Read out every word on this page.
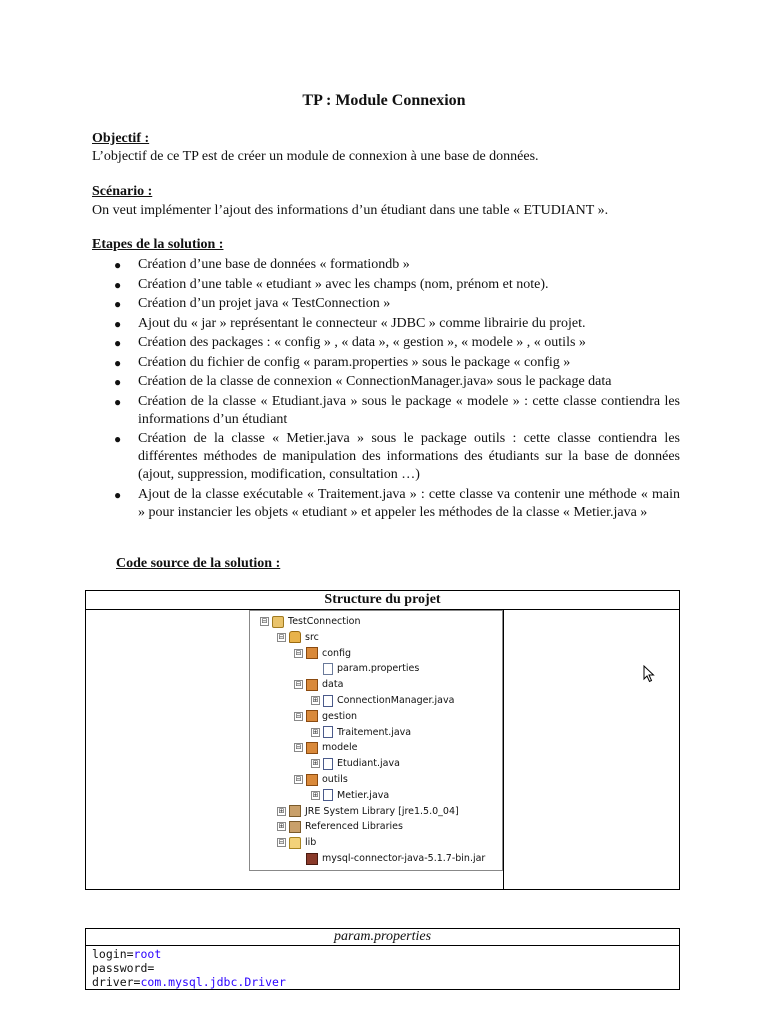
TP : Module Connexion
Objectif :
L’objectif de ce TP est de créer un module de connexion à une base de données.
Scénario :
On veut implémenter l’ajout des informations d’un étudiant dans une table « ETUDIANT ».
Etapes de la solution :
● Création d’une base de données « formationdb »
● Création d’une table « etudiant » avec les champs (nom, prénom et note).
● Création d’un projet java « TestConnection »
● Ajout du « jar » représentant le connecteur « JDBC » comme librairie du projet.
● Création des packages : « config » , « data », « gestion », « modele » , « outils »
● Création du fichier de config « param.properties » sous le package « config »
● Création de la classe de connexion « ConnectionManager.java» sous le package data
● Création de la classe « Etudiant.java » sous le package « modele » : cette classe contiendra les informations d’un étudiant
● Création de la classe « Metier.java » sous le package outils : cette classe contiendra les différentes méthodes de manipulation des informations des étudiants sur la base de données (ajout, suppression, modification, consultation …)
● Ajout de la classe exécutable « Traitement.java » : cette classe va contenir une méthode « main » pour instancier les objets « etudiant » et appeler les méthodes de la classe « Metier.java »
Code source de la solution :
Structure du projet
⊟ TestConnection
⊟ src
⊟ config
param.properties
⊟ data
⊞ ConnectionManager.java
⊟ gestion
⊞ Traitement.java
⊟ modele
⊞ Etudiant.java
⊟ outils
⊞ Metier.java
⊞ JRE System Library [jre1.5.0_04]
⊞ Referenced Libraries
⊟ lib
mysql-connector-java-5.1.7-bin.jar
param.properties
login=root
password=
driver=com.mysql.jdbc.Driver
